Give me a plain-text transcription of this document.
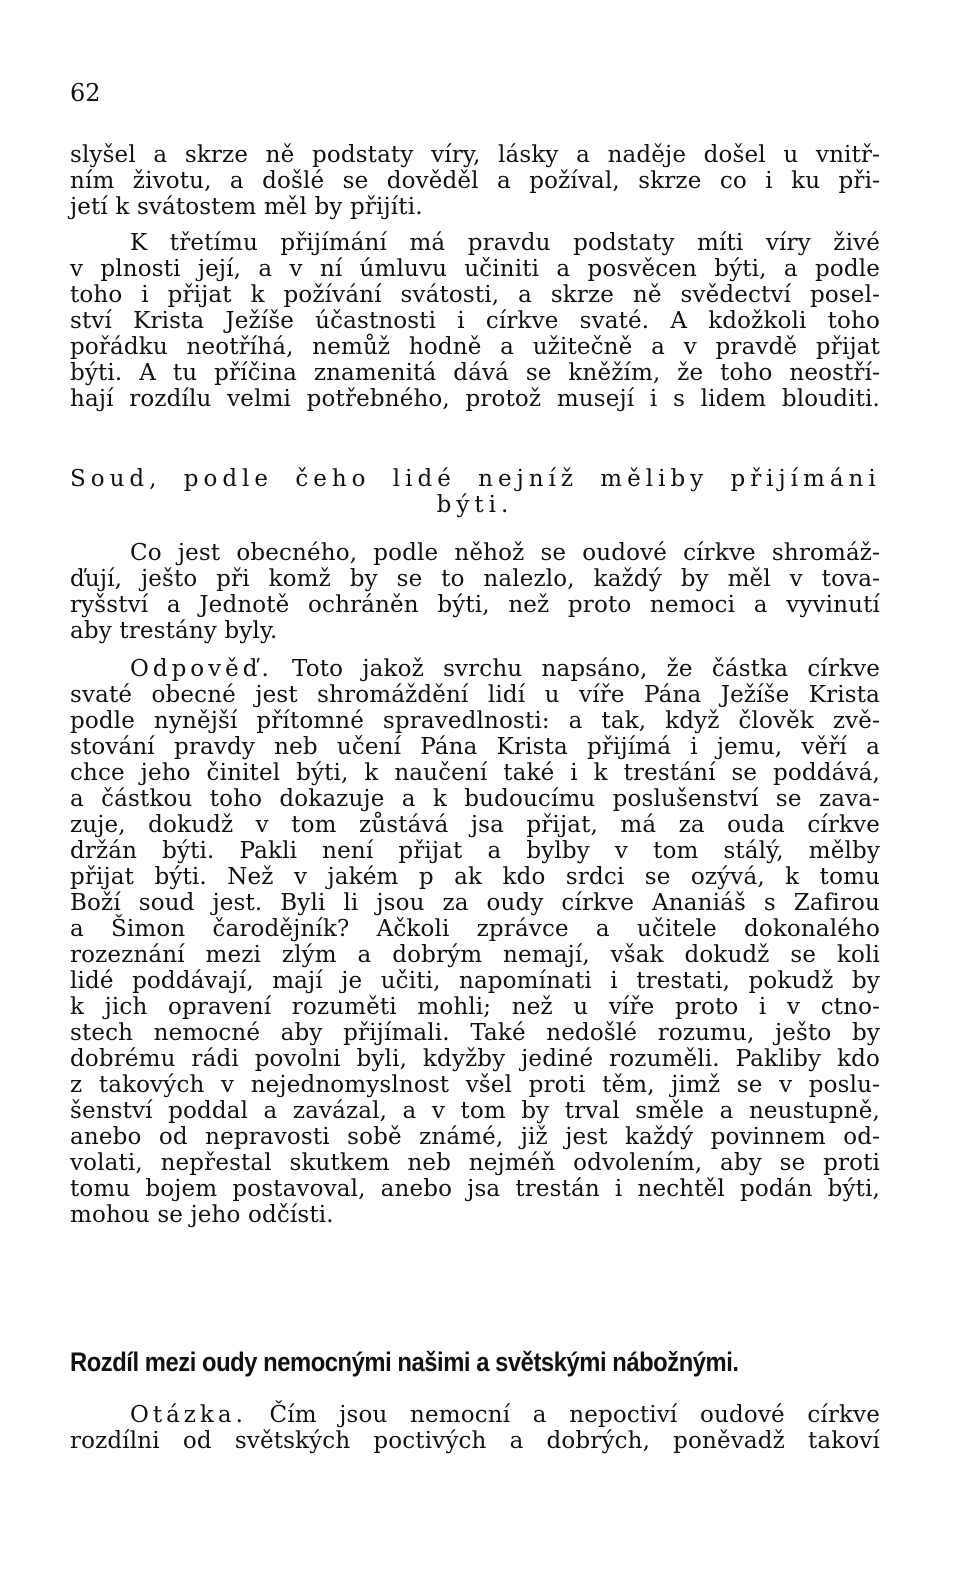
62
slyšel a skrze ně podstaty víry, lásky a naděje došel u vnitř-
ním životu, a došlé se dověděl a požíval, skrze co i ku při-
jetí k svátostem měl by přijíti.
K třetímu přijímání má pravdu podstaty míti víry živé
v plnosti její, a v ní úmluvu učiniti a posvěcen býti, a podle
toho i přijat k požívání svátosti, a skrze ně svědectví posel-
ství Krista Ježíše účastnosti i církve svaté. A kdožkoli toho
pořádku neotříhá, nemůž hodně a užitečně a v pravdě přijat
býti. A tu příčina znamenitá dává se kněžím, že toho neostří-
hají rozdílu velmi potřebného, protož musejí i s lidem blouditi.
Soud, podle čeho lidé nejníž měliby přijímáni
býti.
Co jest obecného, podle něhož se oudové církve shromáž-
ďují, ješto při komž by se to nalezlo, každý by měl v tova-
ryšství a Jednotě ochráněn býti, než proto nemoci a vyvinutí
aby trestány byly.
Odpověď. Toto jakož svrchu napsáno, že částka církve
svaté obecné jest shromáždění lidí u víře Pána Ježíše Krista
podle nynější přítomné spravedlnosti: a tak, když člověk zvě-
stování pravdy neb učení Pána Krista přijímá i jemu, věří a
chce jeho činitel býti, k naučení také i k trestání se poddává,
a částkou toho dokazuje a k budoucímu poslušenství se zava-
zuje, dokudž v tom zůstává jsa přijat, má za ouda církve
držán býti. Pakli není přijat a bylby v tom stálý, mělby
přijat býti. Než v jakém p ak kdo srdci se ozývá, k tomu
Boží soud jest. Byli li jsou za oudy církve Ananiáš s Zafirou
a Šimon čarodějník? Ačkoli zprávce a učitele dokonalého
rozeznání mezi zlým a dobrým nemají, však dokudž se koli
lidé poddávají, mají je učiti, napomínati i trestati, pokudž by
k jich opravení rozuměti mohli; než u víře proto i v ctno-
stech nemocné aby přijímali. Také nedošlé rozumu, ješto by
dobrému rádi povolni byli, kdyžby jediné rozuměli. Pakliby kdo
z takových v nejednomyslnost všel proti těm, jimž se v poslu-
šenství poddal a zavázal, a v tom by trval směle a neustupně,
anebo od nepravosti sobě známé, již jest každý povinnem od-
volati, nepřestal skutkem neb nejméň odvolením, aby se proti
tomu bojem postavoval, anebo jsa trestán i nechtěl podán býti,
mohou se jeho odčísti.
Rozdíl mezi oudy nemocnými našimi a světskými nábožnými.
Otázka. Čím jsou nemocní a nepoctiví oudové církve
rozdílni od světských poctivých a dobrých, poněvadž takoví
